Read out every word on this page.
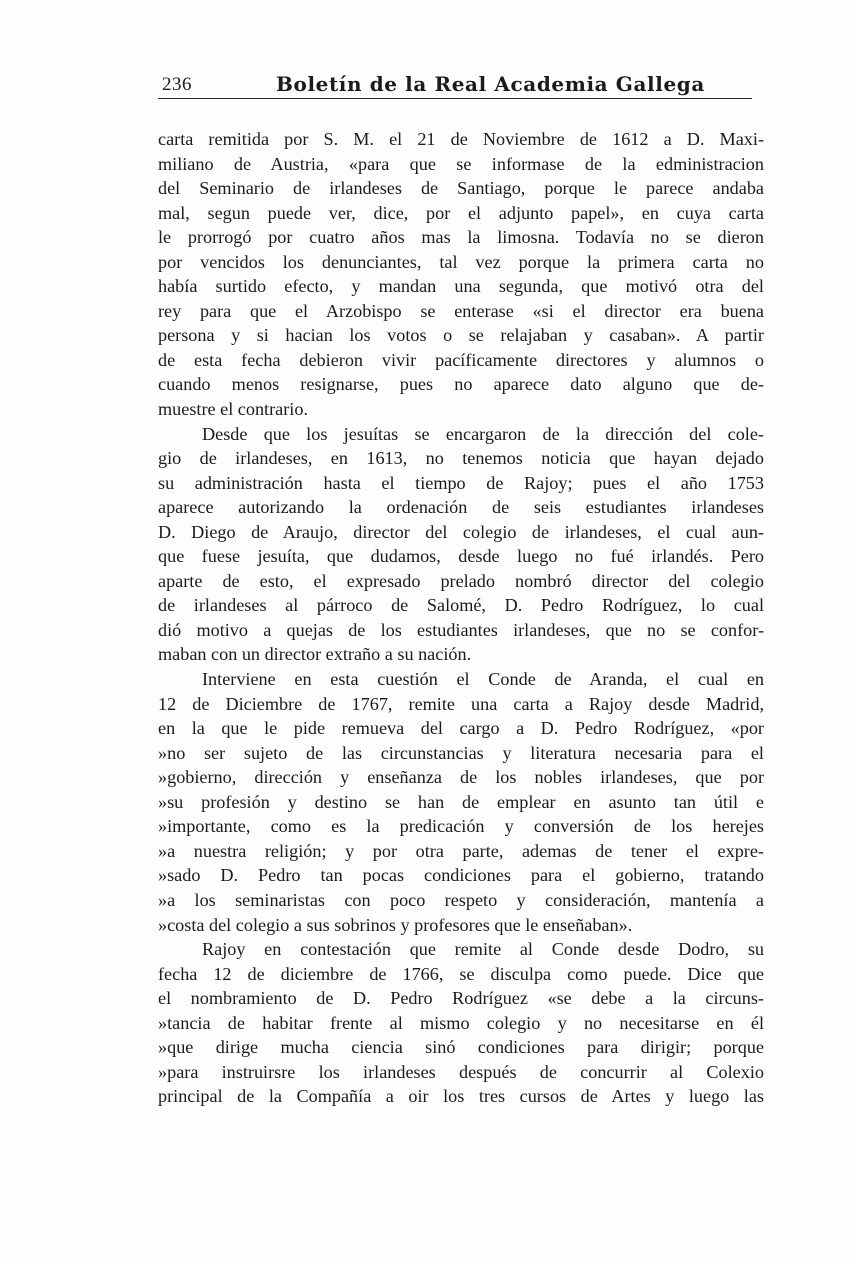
236	Boletín de la Real Academia Gallega
carta remitida por S. M. el 21 de Noviembre de 1612 a D. Maxi-
miliano de Austria, «para que se informase de la edministracion
del Seminario de irlandeses de Santiago, porque le parece andaba
mal, segun puede ver, dice, por el adjunto papel», en cuya carta
le prorrogó por cuatro años mas la limosna. Todavía no se dieron
por vencidos los denunciantes, tal vez porque la primera carta no
había surtido efecto, y mandan una segunda, que motivó otra del
rey para que el Arzobispo se enterase «si el director era buena
persona y si hacian los votos o se relajaban y casaban». A partir
de esta fecha debieron vivir pacíficamente directores y alumnos o
cuando menos resignarse, pues no aparece dato alguno que de-
muestre el contrario.
Desde que los jesuítas se encargaron de la dirección del cole-
gio de irlandeses, en 1613, no tenemos noticia que hayan dejado
su administración hasta el tiempo de Rajoy; pues el año 1753
aparece autorizando la ordenación de seis estudiantes irlandeses
D. Diego de Araujo, director del colegio de irlandeses, el cual aun-
que fuese jesuíta, que dudamos, desde luego no fué irlandés. Pero
aparte de esto, el expresado prelado nombró director del colegio
de irlandeses al párroco de Salomé, D. Pedro Rodríguez, lo cual
dió motivo a quejas de los estudiantes irlandeses, que no se confor-
maban con un director extraño a su nación.
Interviene en esta cuestión el Conde de Aranda, el cual en
12 de Diciembre de 1767, remite una carta a Rajoy desde Madrid,
en la que le pide remueva del cargo a D. Pedro Rodríguez, «por
»no ser sujeto de las circunstancias y literatura necesaria para el
»gobierno, dirección y enseñanza de los nobles irlandeses, que por
»su profesión y destino se han de emplear en asunto tan útil e
»importante, como es la predicación y conversión de los herejes
»a nuestra religión; y por otra parte, ademas de tener el expre-
»sado D. Pedro tan pocas condiciones para el gobierno, tratando
»a los seminaristas con poco respeto y consideración, mantenía a
»costa del colegio a sus sobrinos y profesores que le enseñaban».
Rajoy en contestación que remite al Conde desde Dodro, su
fecha 12 de diciembre de 1766, se disculpa como puede. Dice que
el nombramiento de D. Pedro Rodríguez «se debe a la circuns-
»tancia de habitar frente al mismo colegio y no necesitarse en él
»que dirige mucha ciencia sinó condiciones para dirigir; porque
»para instruirsre los irlandeses después de concurrir al Colexio
principal de la Compañía a oir los tres cursos de Artes y luego las
